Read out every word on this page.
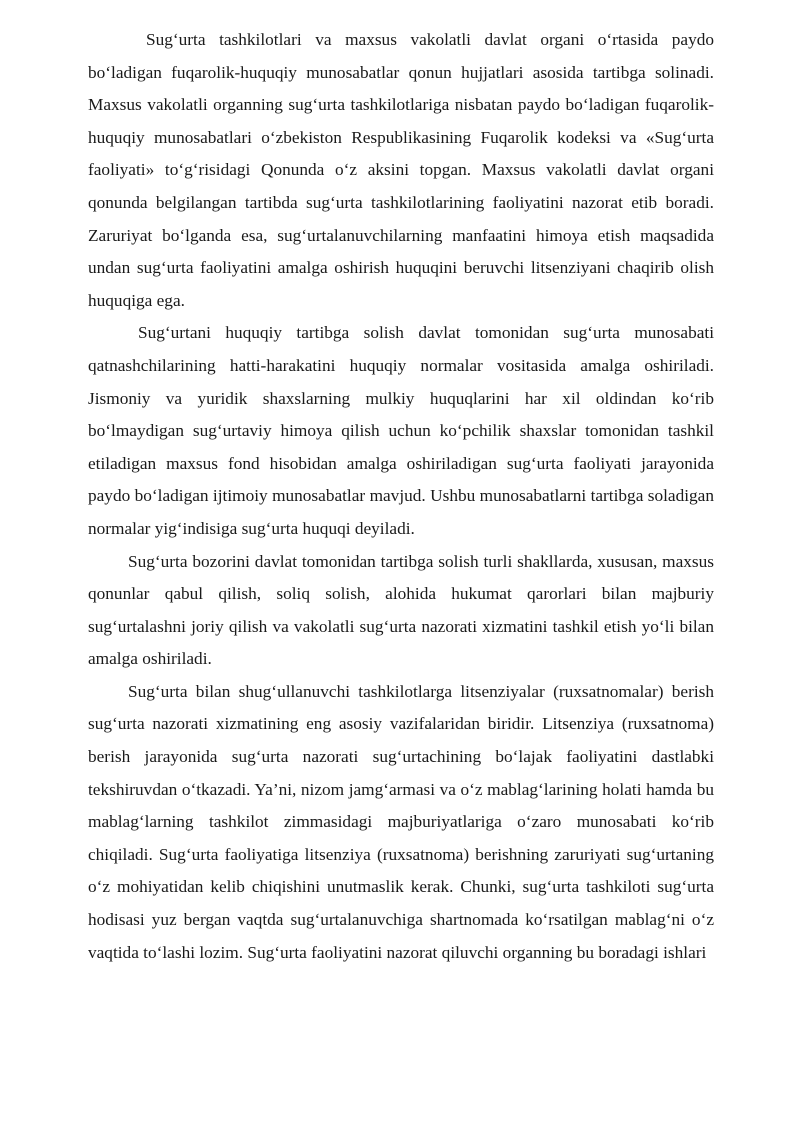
Sug‘urta tashkilotlari va maxsus vakolatli davlat organi o‘rtasida paydo bo‘ladigan fuqarolik-huquqiy munosabatlar qonun hujjatlari asosida tartibga solinadi. Maxsus vakolatli organning sug‘urta tashkilotlariga nisbatan paydo bo‘ladigan fuqarolik-huquqiy munosabatlari o‘zbekiston Respublikasining Fuqarolik kodeksi va «Sug‘urta faoliyati» to‘g‘risidagi Qonunda o‘z aksini topgan. Maxsus vakolatli davlat organi qonunda belgilangan tartibda sug‘urta tashkilotlarining faoliyatini nazorat etib boradi. Zaruriyat bo‘lganda esa, sug‘urtalanuvchilarning manfaatini himoya etish maqsadida undan sug‘urta faoliyatini amalga oshirish huquqini beruvchi litsenziyani chaqirib olish huquqiga ega.

Sug‘urtani huquqiy tartibga solish davlat tomonidan sug‘urta munosabati qatnashchilarining hatti-harakatini huquqiy normalar vositasida amalga oshiriladi. Jismoniy va yuridik shaxslarning mulkiy huquqlarini har xil oldindan ko‘rib bo‘lmaydigan sug‘urtaviy himoya qilish uchun ko‘pchilik shaxslar tomonidan tashkil etiladigan maxsus fond hisobidan amalga oshiriladigan sug‘urta faoliyati jarayonida paydo bo‘ladigan ijtimoiy munosabatlar mavjud. Ushbu munosabatlarni tartibga soladigan normalar yig‘indisiga sug‘urta huquqi deyiladi.

Sug‘urta bozorini davlat tomonidan tartibga solish turli shakllarda, xususan, maxsus qonunlar qabul qilish, soliq solish, alohida hukumat qarorlari bilan majburiy sug‘urtalashni joriy qilish va vakolatli sug‘urta nazorati xizmatini tashkil etish yo‘li bilan amalga oshiriladi.

Sug‘urta bilan shug‘ullanuvchi tashkilotlarga litsenziyalar (ruxsatnomalar) berish sug‘urta nazorati xizmatining eng asosiy vazifalaridan biridir. Litsenziya (ruxsatnoma) berish jarayonida sug‘urta nazorati sug‘urtachining bo‘lajak faoliyatini dastlabki tekshiruvdan o‘tkazadi. Ya’ni, nizom jamg‘armasi va o‘z mablag‘larining holati hamda bu mablag‘larning tashkilot zimmasidagi majburiyatlariga o‘zaro munosabati ko‘rib chiqiladi. Sug‘urta faoliyatiga litsenziya (ruxsatnoma) berishning zaruriyati sug‘urtaning o‘z mohiyatidan kelib chiqishini unutmaslik kerak. Chunki, sug‘urta tashkiloti sug‘urta hodisasi yuz bergan vaqtda sug‘urtalanuvchiga shartnomada ko‘rsatilgan mablag‘ni o‘z vaqtida to‘lashi lozim. Sug‘urta faoliyatini nazorat qiluvchi organning bu boradagi ishlari
